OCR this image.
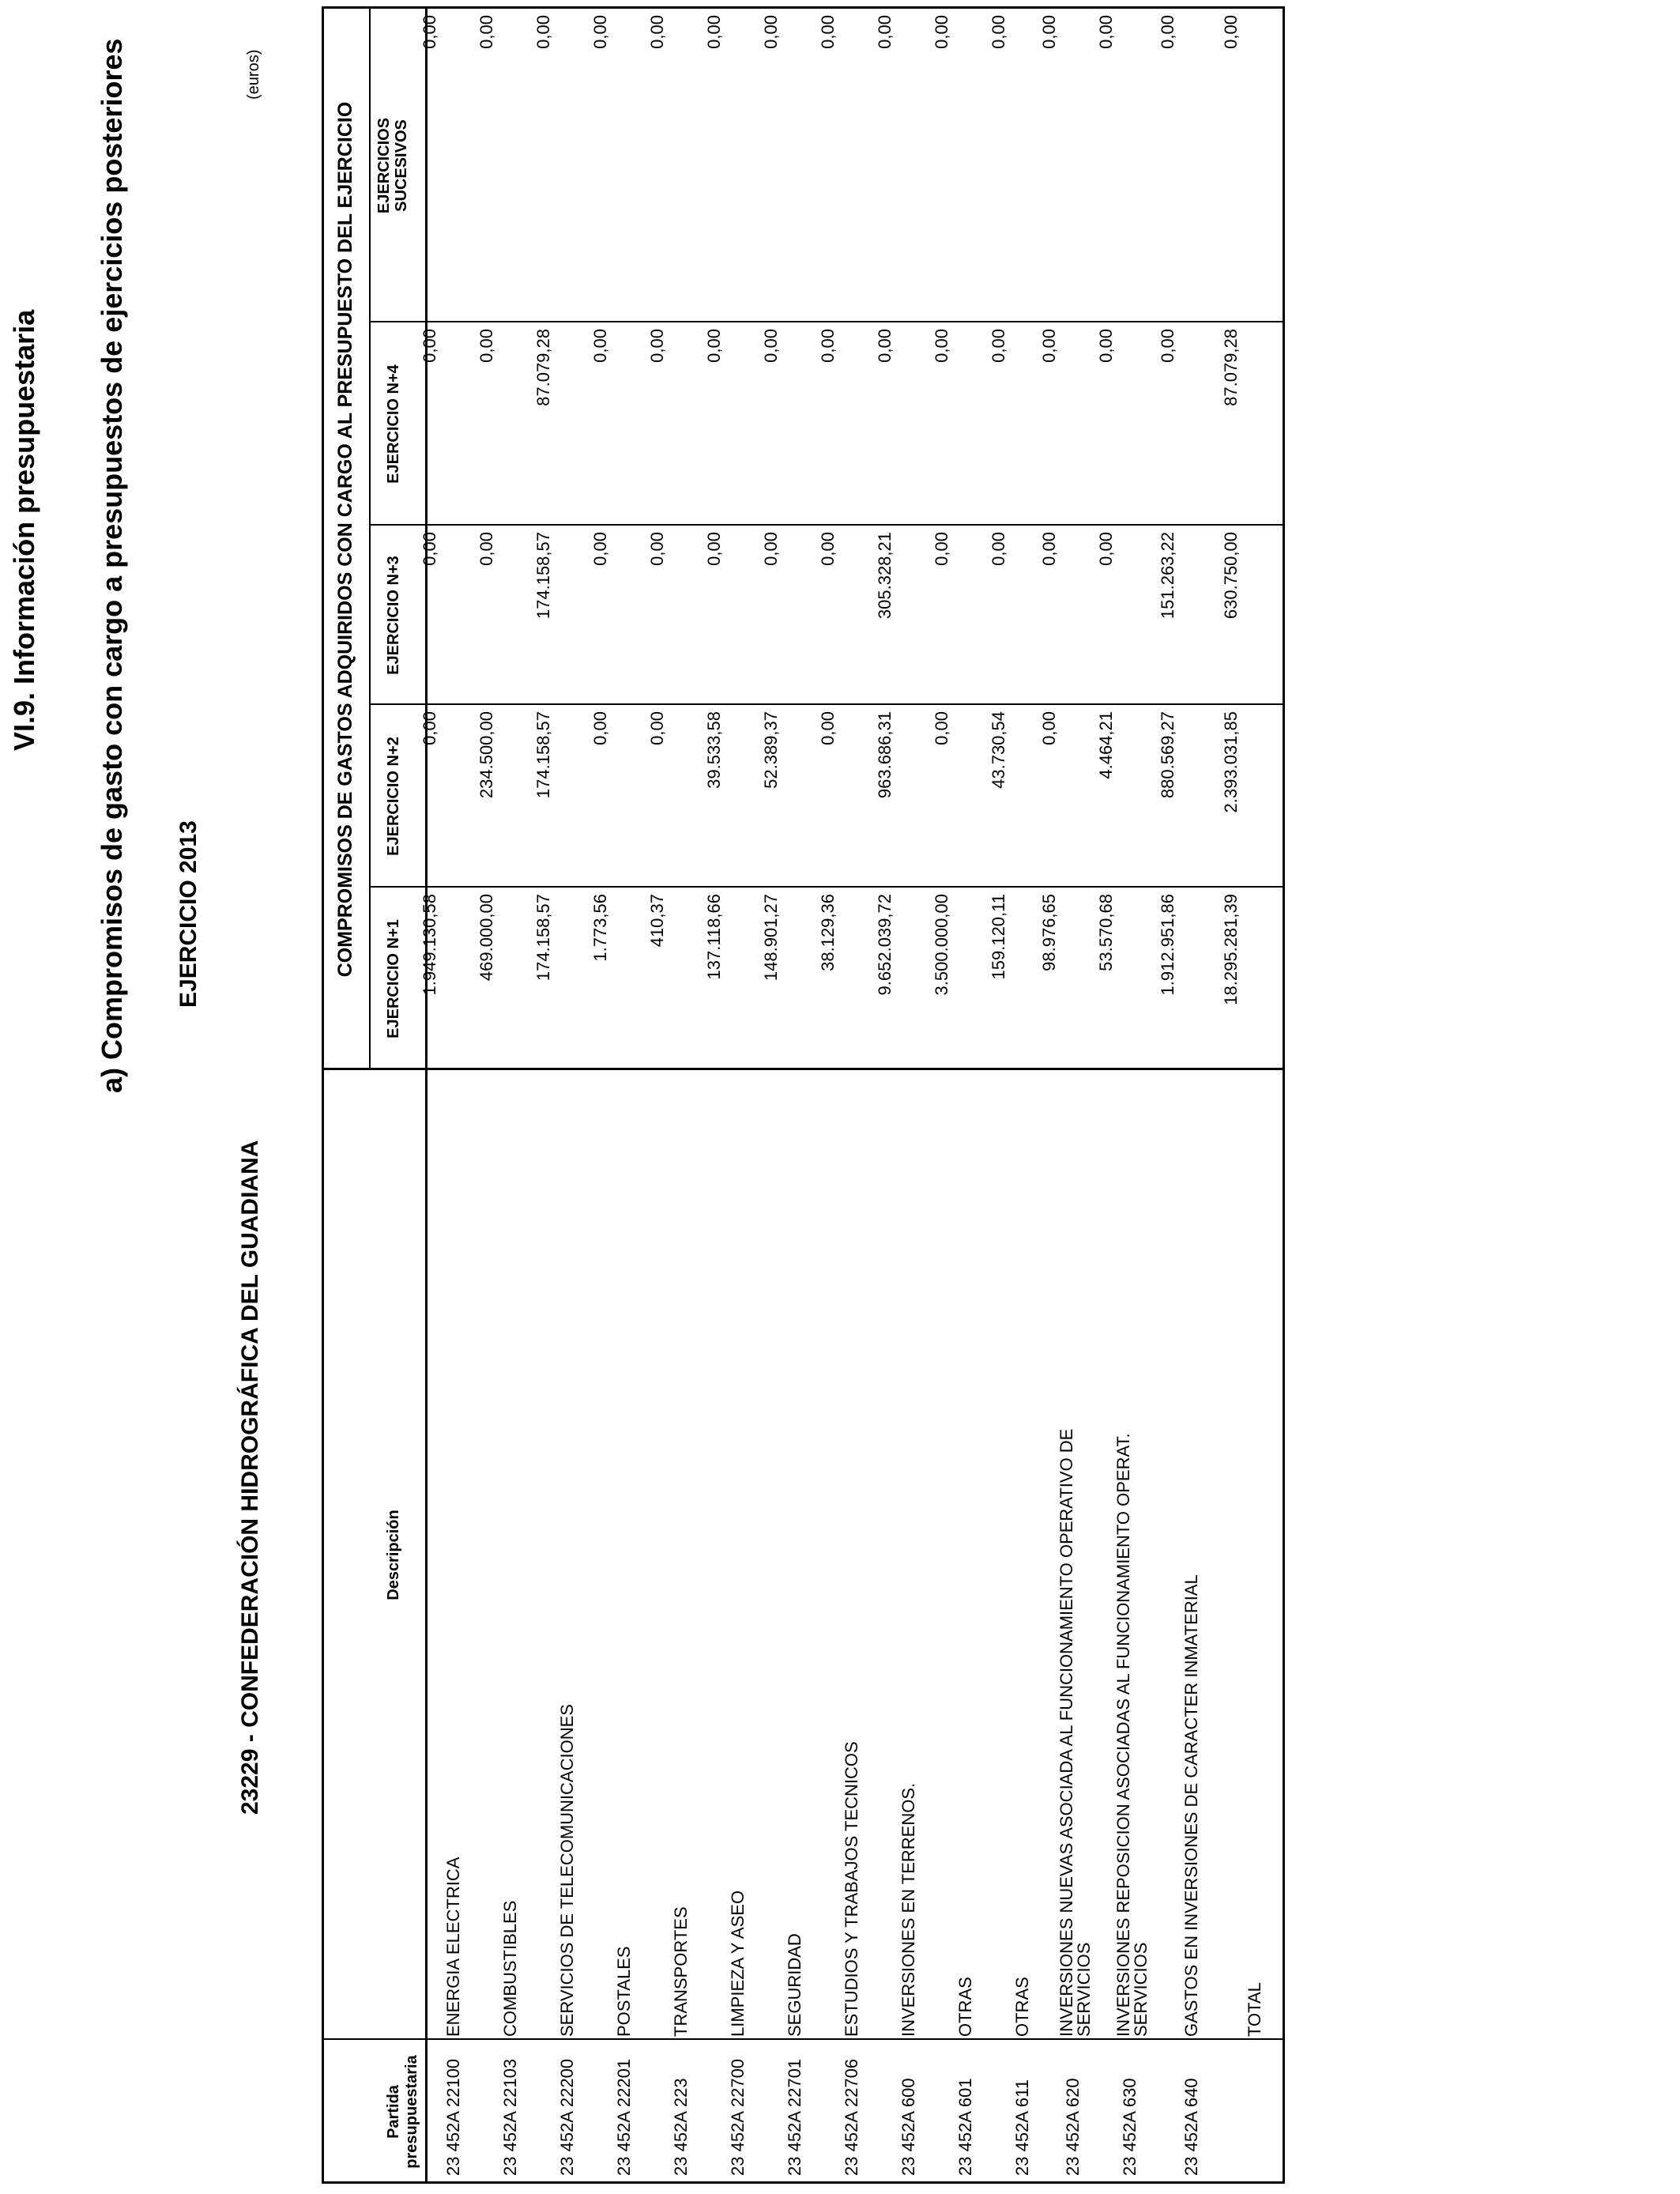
VI.9. Información presupuestaria a) Compromisos de gasto con cargo a presupuestos de ejercicios posteriores EJERCICIO 2013
23229 - CONFEDERACIÓN HIDROGRÁFICA DEL GUADIANA
(euros)
COMPROMISOS DE GASTOS ADQUIRIDOS CON CARGO AL PRESUPUESTO DEL EJERCICIO
Partida presupuestaria
Descripción
EJERCICIO N+1
EJERCICIO N+2
EJERCICIO N+3
EJERCICIO N+4
EJERCICIOS SUCESIVOS
23 452A 22100
ENERGIA ELECTRICA
1.949.130,58
0,00
0,00
0,00
0,00
23 452A 22103
COMBUSTIBLES
469.000,00
234.500,00
0,00
0,00
0,00
23 452A 22200
SERVICIOS DE TELECOMUNICACIONES
174.158,57
174.158,57
174.158,57
87.079,28
0,00
23 452A 22201
POSTALES
1.773,56
0,00
0,00
0,00
0,00
23 452A 223
TRANSPORTES
410,37
0,00
0,00
0,00
0,00
23 452A 22700
LIMPIEZA Y ASEO
137.118,66
39.533,58
0,00
0,00
0,00
23 452A 22701
SEGURIDAD
148.901,27
52.389,37
0,00
0,00
0,00
23 452A 22706
ESTUDIOS Y TRABAJOS TECNICOS
38.129,36
0,00
0,00
0,00
0,00
23 452A 600
INVERSIONES EN TERRENOS.
9.652.039,72
963.686,31
305.328,21
0,00
0,00
23 452A 601
OTRAS
3.500.000,00
0,00
0,00
0,00
0,00
23 452A 611
OTRAS
159.120,11
43.730,54
0,00
0,00
0,00
23 452A 620
INVERSIONES NUEVAS ASOCIADA AL FUNCIONAMIENTO OPERATIVO DE
SERVICIOS
98.976,65
0,00
0,00
0,00
0,00
23 452A 630
INVERSIONES REPOSICION ASOCIADAS AL FUNCIONAMIENTO OPERAT.
SERVICIOS
53.570,68
4.464,21
0,00
0,00
0,00
23 452A 640
GASTOS EN INVERSIONES DE CARACTER INMATERIAL
1.912.951,86
880.569,27
151.263,22
0,00
0,00
TOTAL
18.295.281,39
2.393.031,85
630.750,00
87.079,28
0,00
